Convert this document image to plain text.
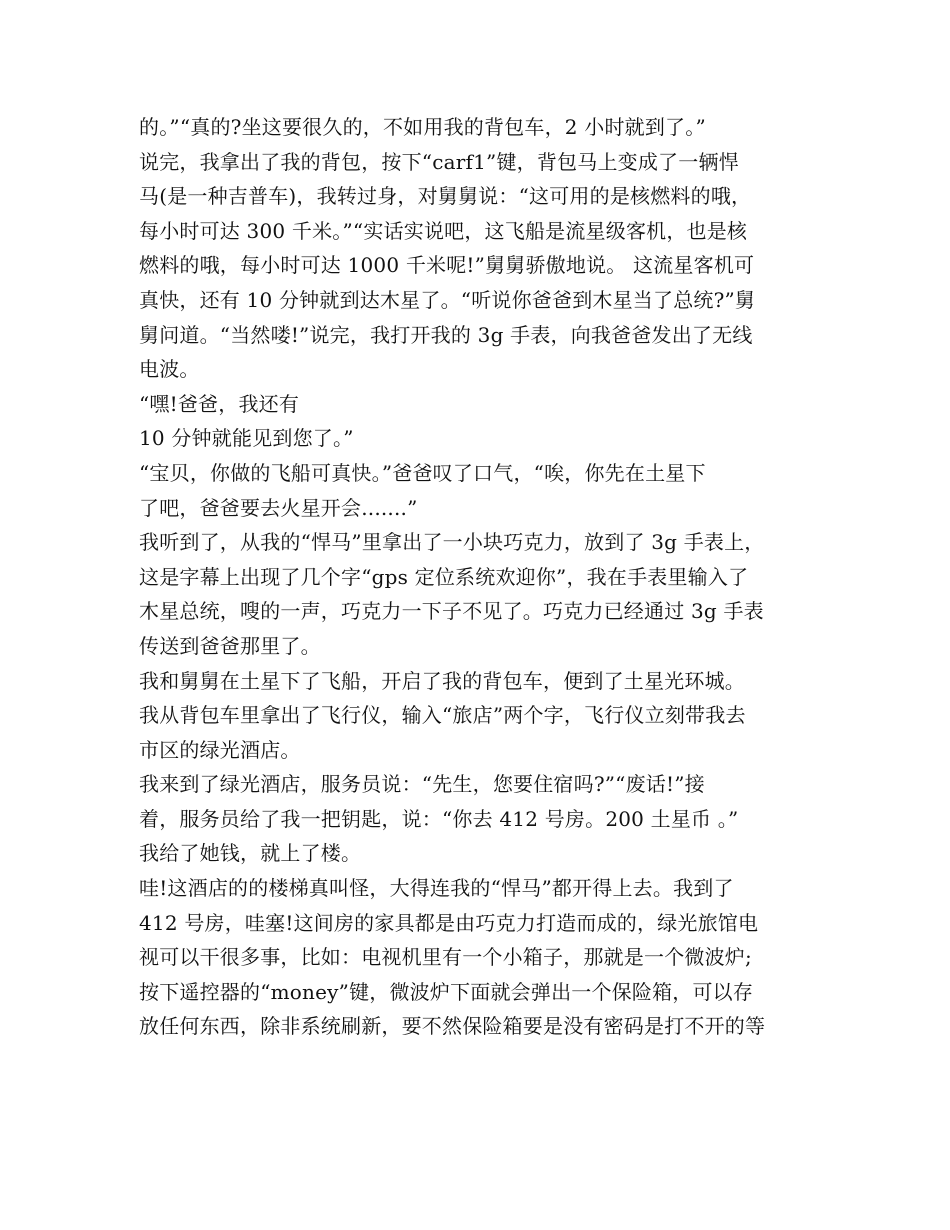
的。”“真的?坐这要很久的，不如用我的背包车，2 小时就到了。”
说完，我拿出了我的背包，按下“carf1”键，背包马上变成了一辆悍
马(是一种吉普车)，我转过身，对舅舅说：“这可用的是核燃料的哦，
每小时可达 300 千米。”“实话实说吧，这飞船是流星级客机，也是核
燃料的哦，每小时可达 1000 千米呢!”舅舅骄傲地说。 这流星客机可
真快，还有 10 分钟就到达木星了。“听说你爸爸到木星当了总统?”舅
舅问道。“当然喽!”说完，我打开我的 3g 手表，向我爸爸发出了无线
电波。
“嘿!爸爸，我还有
10 分钟就能见到您了。”
“宝贝，你做的飞船可真快。”爸爸叹了口气，“唉，你先在土星下
了吧，爸爸要去火星开会.......”
我听到了，从我的“悍马”里拿出了一小块巧克力，放到了 3g 手表上，
这是字幕上出现了几个字“gps 定位系统欢迎你”，我在手表里输入了
木星总统，嗖的一声，巧克力一下子不见了。巧克力已经通过 3g 手表
传送到爸爸那里了。
我和舅舅在土星下了飞船，开启了我的背包车，便到了土星光环城。
我从背包车里拿出了飞行仪，输入“旅店”两个字，飞行仪立刻带我去
市区的绿光酒店。
我来到了绿光酒店，服务员说：“先生，您要住宿吗?”“废话!”接
着，服务员给了我一把钥匙，说：“你去 412 号房。200 土星币 。”
我给了她钱，就上了楼。
哇!这酒店的的楼梯真叫怪，大得连我的“悍马”都开得上去。我到了
412 号房，哇塞!这间房的家具都是由巧克力打造而成的，绿光旅馆电
视可以干很多事，比如：电视机里有一个小箱子，那就是一个微波炉;
按下遥控器的“money”键，微波炉下面就会弹出一个保险箱，可以存
放任何东西，除非系统刷新，要不然保险箱要是没有密码是打不开的等
